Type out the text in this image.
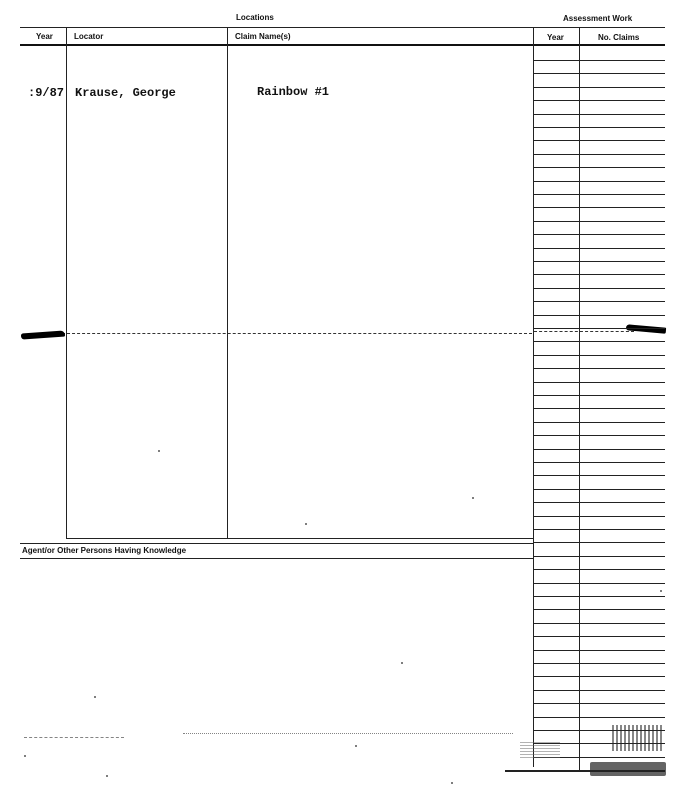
Locations	Assessment Work
Year	Locator	Claim Name(s)	Year	No. Claims
:9/87 Krause, George	Rainbow #1
Agent/or Other Persons Having Knowledge
